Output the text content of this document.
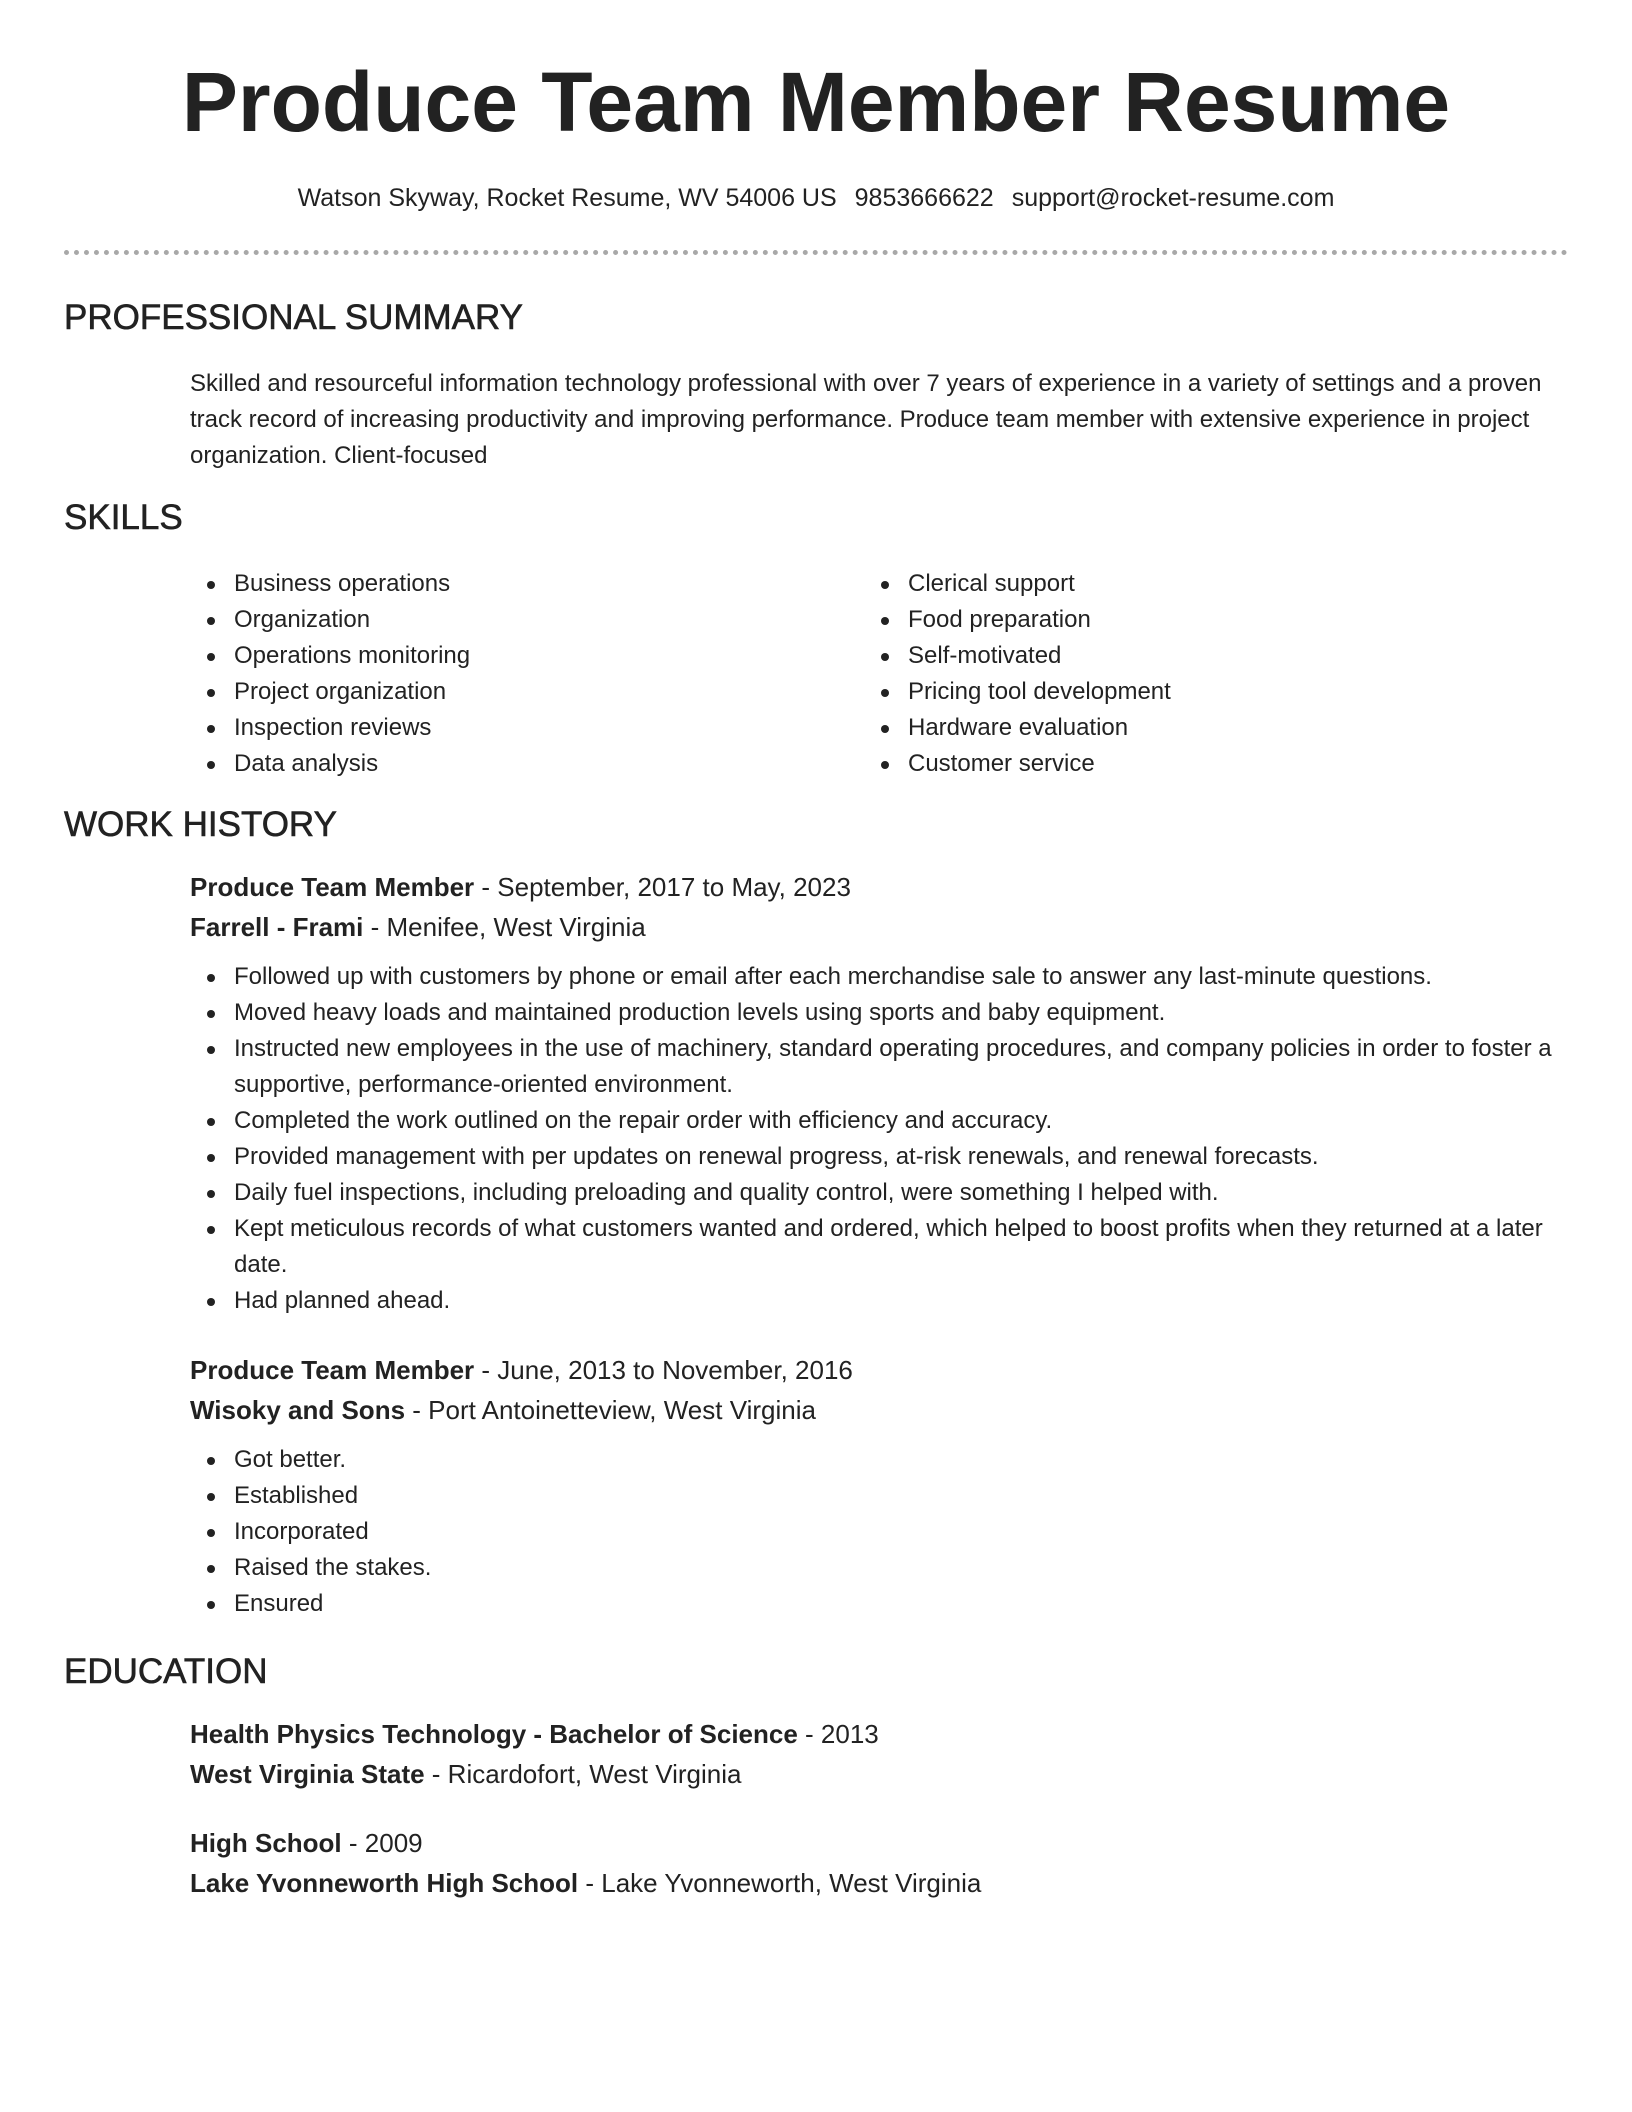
Produce Team Member Resume
Watson Skyway, Rocket Resume, WV 54006 US 9853666622 support@rocket-resume.com
PROFESSIONAL SUMMARY

Skilled and resourceful information technology professional with over 7 years of experience in a variety of settings and a proven track record of increasing productivity and improving performance. Produce team member with extensive experience in project organization. Client-focused

SKILLS
Business operations
Organization
Operations monitoring
Project organization
Inspection reviews
Data analysis
Clerical support
Food preparation
Self-motivated
Pricing tool development
Hardware evaluation
Customer service
WORK HISTORY
Produce Team Member - September, 2017 to May, 2023
Farrell - Frami - Menifee, West Virginia
Followed up with customers by phone or email after each merchandise sale to answer any last-minute questions.
Moved heavy loads and maintained production levels using sports and baby equipment.
Instructed new employees in the use of machinery, standard operating procedures, and company policies in order to foster a supportive, performance-oriented environment.
Completed the work outlined on the repair order with efficiency and accuracy.
Provided management with per updates on renewal progress, at-risk renewals, and renewal forecasts.
Daily fuel inspections, including preloading and quality control, were something I helped with.
Kept meticulous records of what customers wanted and ordered, which helped to boost profits when they returned at a later date.
Had planned ahead.
Produce Team Member - June, 2013 to November, 2016
Wisoky and Sons - Port Antoinetteview, West Virginia
Got better.
Established
Incorporated
Raised the stakes.
Ensured
EDUCATION
Health Physics Technology - Bachelor of Science - 2013
West Virginia State - Ricardofort, West Virginia
High School - 2009
Lake Yvonneworth High School - Lake Yvonneworth, West Virginia
